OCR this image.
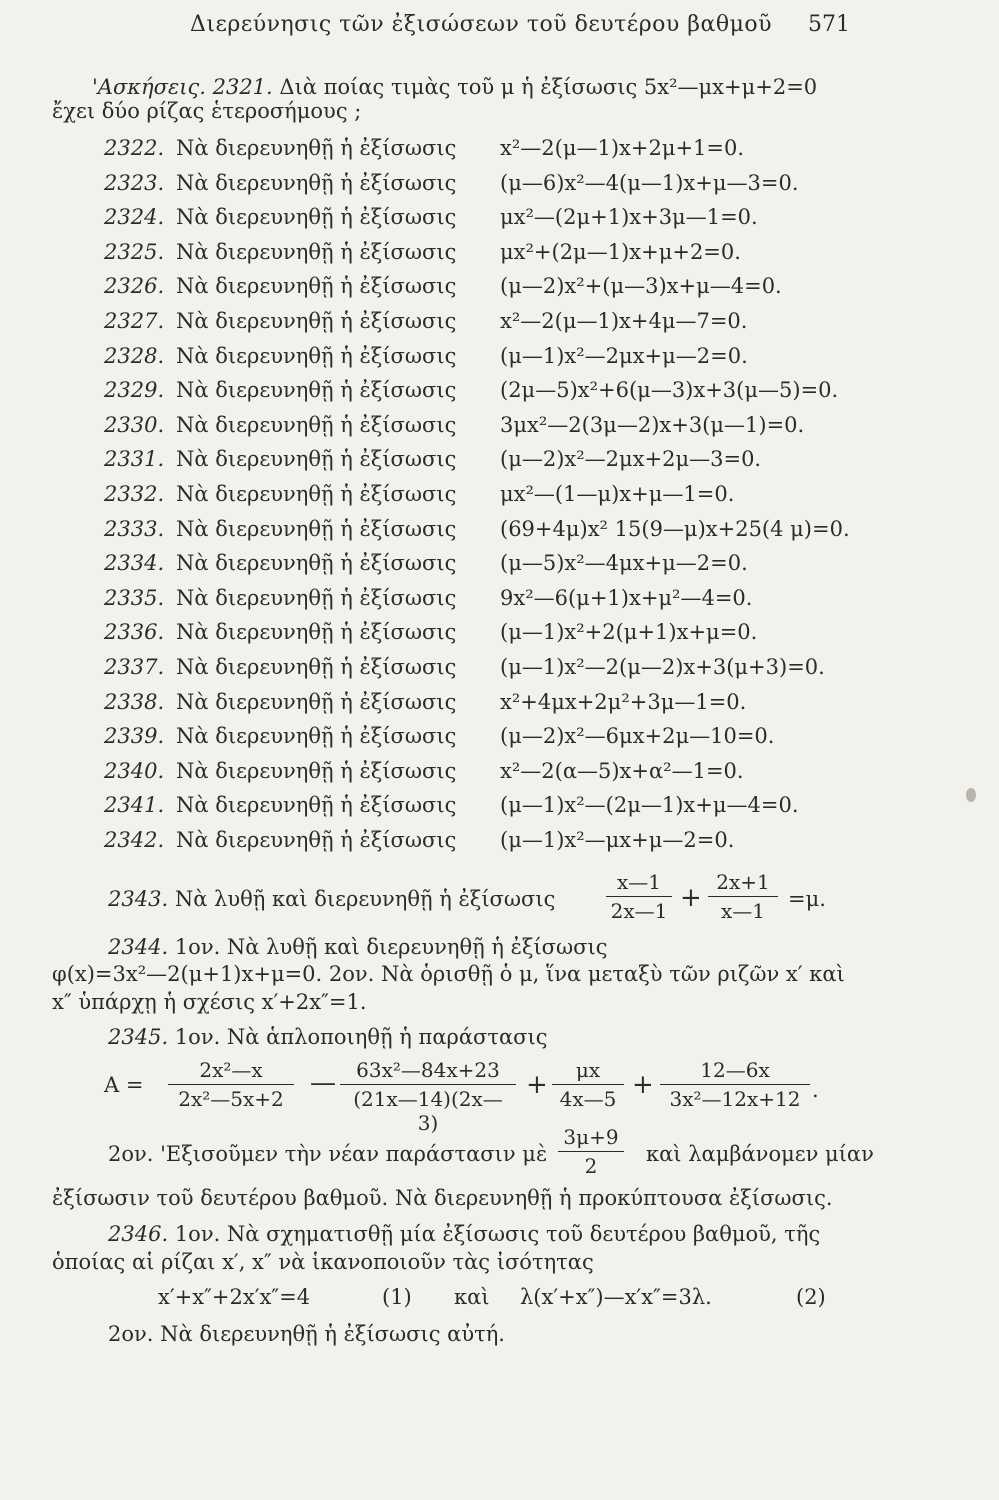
Διερεύνησις τῶν ἐξισώσεων τοῦ δευτέρου βαθμοῦ 571
'Ασκήσεις. 2321. Διὰ ποίας τιμὰς τοῦ μ ἡ ἐξίσωσις 5x²—μx+μ+2=0
ἔχει δύο ρίζας ἑτεροσήμους ;
2322. Νὰ διερευνηθῇ ἡ ἐξίσωσις x²—2(μ—1)x+2μ+1=0.
2323. Νὰ διερευνηθῇ ἡ ἐξίσωσις (μ—6)x²—4(μ—1)x+μ—3=0.
2324. Νὰ διερευνηθῇ ἡ ἐξίσωσις μx²—(2μ+1)x+3μ—1=0.
2325. Νὰ διερευνηθῇ ἡ ἐξίσωσις μx²+(2μ—1)x+μ+2=0.
2326. Νὰ διερευνηθῇ ἡ ἐξίσωσις (μ—2)x²+(μ—3)x+μ—4=0.
2327. Νὰ διερευνηθῇ ἡ ἐξίσωσις x²—2(μ—1)x+4μ—7=0.
2328. Νὰ διερευνηθῇ ἡ ἐξίσωσις (μ—1)x²—2μx+μ—2=0.
2329. Νὰ διερευνηθῇ ἡ ἐξίσωσις (2μ—5)x²+6(μ—3)x+3(μ—5)=0.
2330. Νὰ διερευνηθῇ ἡ ἐξίσωσις 3μx²—2(3μ—2)x+3(μ—1)=0.
2331. Νὰ διερευνηθῇ ἡ ἐξίσωσις (μ—2)x²—2μx+2μ—3=0.
2332. Νὰ διερευνηθῇ ἡ ἐξίσωσις μx²—(1—μ)x+μ—1=0.
2333. Νὰ διερευνηθῇ ἡ ἐξίσωσις (69+4μ)x² 15(9—μ)x+25(4 μ)=0.
2334. Νὰ διερευνηθῇ ἡ ἐξίσωσις (μ—5)x²—4μx+μ—2=0.
2335. Νὰ διερευνηθῇ ἡ ἐξίσωσις 9x²—6(μ+1)x+μ²—4=0.
2336. Νὰ διερευνηθῇ ἡ ἐξίσωσις (μ—1)x²+2(μ+1)x+μ=0.
2337. Νὰ διερευνηθῇ ἡ ἐξίσωσις (μ—1)x²—2(μ—2)x+3(μ+3)=0.
2338. Νὰ διερευνηθῇ ἡ ἐξίσωσις x²+4μx+2μ²+3μ—1=0.
2339. Νὰ διερευνηθῇ ἡ ἐξίσωσις (μ—2)x²—6μx+2μ—10=0.
2340. Νὰ διερευνηθῇ ἡ ἐξίσωσις x²—2(α—5)x+α²—1=0.
2341. Νὰ διερευνηθῇ ἡ ἐξίσωσις (μ—1)x²—(2μ—1)x+μ—4=0.
2342. Νὰ διερευνηθῇ ἡ ἐξίσωσις (μ—1)x²—μx+μ—2=0.
2343. Νὰ λυθῇ καὶ διερευνηθῇ ἡ ἐξίσωσις
x—1
2x—1 +
2x+1
x—1	=μ.
2344. 1ον. Νὰ λυθῇ καὶ διερευνηθῇ ἡ ἐξίσωσις
φ(x)=3x²—2(μ+1)x+μ=0. 2ον. Νὰ ὁρισθῇ ὁ μ, ἵνα μεταξὺ τῶν ριζῶν x′ καὶ
x″ ὑπάρχῃ ἡ σχέσις x′+2x″=1.
2345. 1ον. Νὰ ἁπλοποιηθῇ ἡ παράστασις
A =
2x²—x
2x²—5x+2
—	63x²—84x+23
(21x—14)(2x—3)
+	μx
4x—5 +	12—6x
3x²—12x+12 .
2ον. 'Εξισοῦμεν τὴν νέαν παράστασιν μὲ
3μ+9
2	καὶ λαμβάνομεν μίαν
ἐξίσωσιν τοῦ δευτέρου βαθμοῦ. Νὰ διερευνηθῇ ἡ προκύπτουσα ἐξίσωσις.
2346. 1ον. Νὰ σχηματισθῇ μία ἐξίσωσις τοῦ δευτέρου βαθμοῦ, τῆς
ὁποίας αἱ ρίζαι x′, x″ νὰ ἱκανοποιοῦν τὰς ἰσότητας
x′+x″+2x′x″=4	(1) καὶ λ(x′+x″)—x′x″=3λ.	(2)
2ον. Νὰ διερευνηθῇ ἡ ἐξίσωσις αὐτή.
